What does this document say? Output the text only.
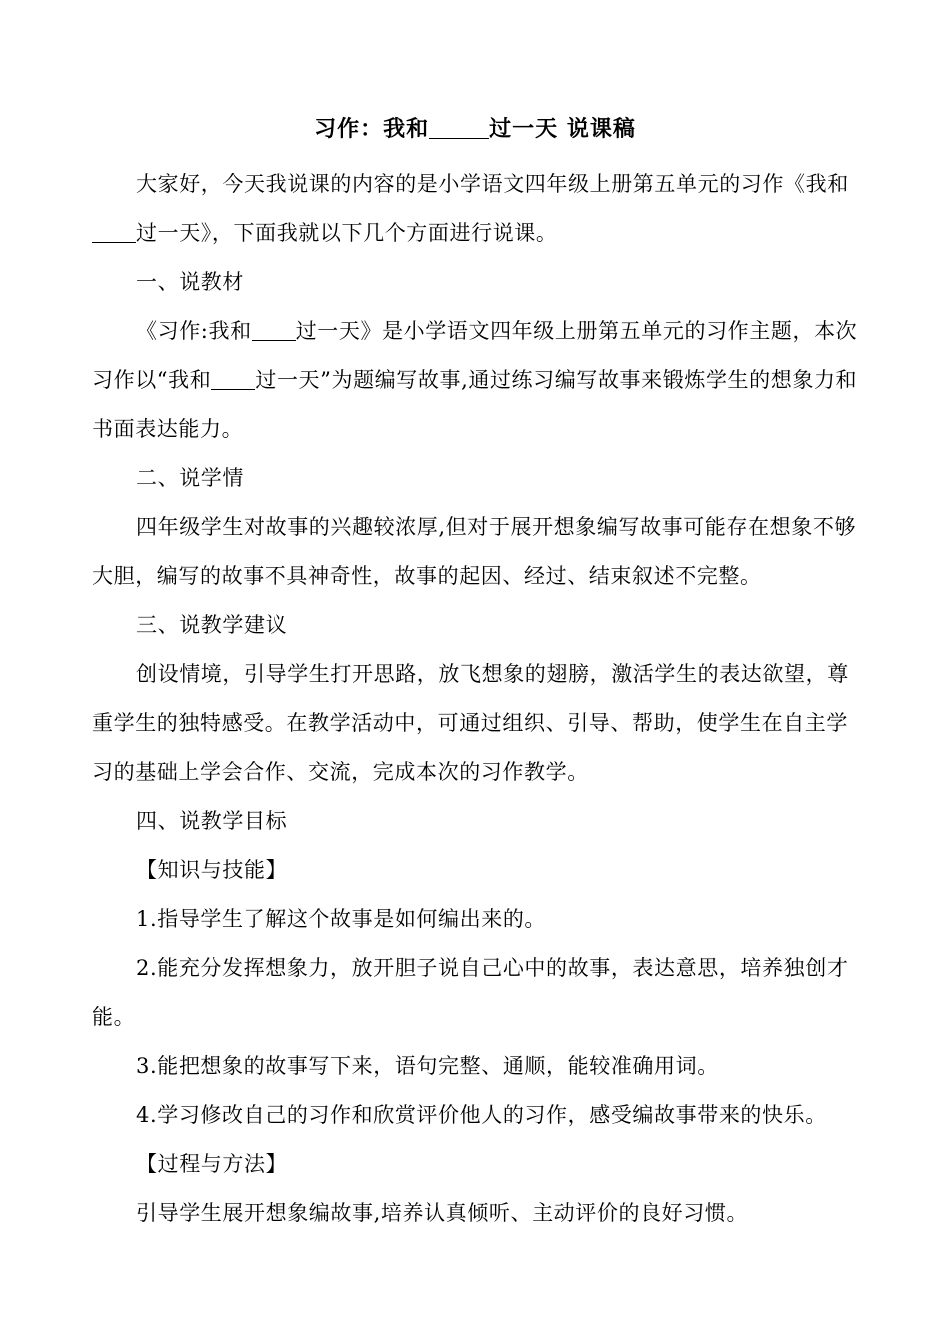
习作：我和	过一天 说课稿

大家好，今天我说课的内容的是小学语文四年级上册第五单元的习作《我和过一天》，下面我就以下几个方面进行说课。

一、说教材

《习作:我和 过一天》是小学语文四年级上册第五单元的习作主题，本次习作以“我和 过一天”为题编写故事,通过练习编写故事来锻炼学生的想象力和书面表达能力。

二、说学情

四年级学生对故事的兴趣较浓厚,但对于展开想象编写故事可能存在想象不够大胆，编写的故事不具神奇性，故事的起因、经过、结束叙述不完整。

三、说教学建议

创设情境，引导学生打开思路，放飞想象的翅膀，激活学生的表达欲望，尊重学生的独特感受。在教学活动中，可通过组织、引导、帮助，使学生在自主学习的基础上学会合作、交流，完成本次的习作教学。

四、说教学目标

【知识与技能】

1.指导学生了解这个故事是如何编出来的。

2.能充分发挥想象力，放开胆子说自己心中的故事，表达意思，培养独创才能。

3.能把想象的故事写下来，语句完整、通顺，能较准确用词。

4.学习修改自己的习作和欣赏评价他人的习作，感受编故事带来的快乐。

【过程与方法】

引导学生展开想象编故事,培养认真倾听、主动评价的良好习惯。
